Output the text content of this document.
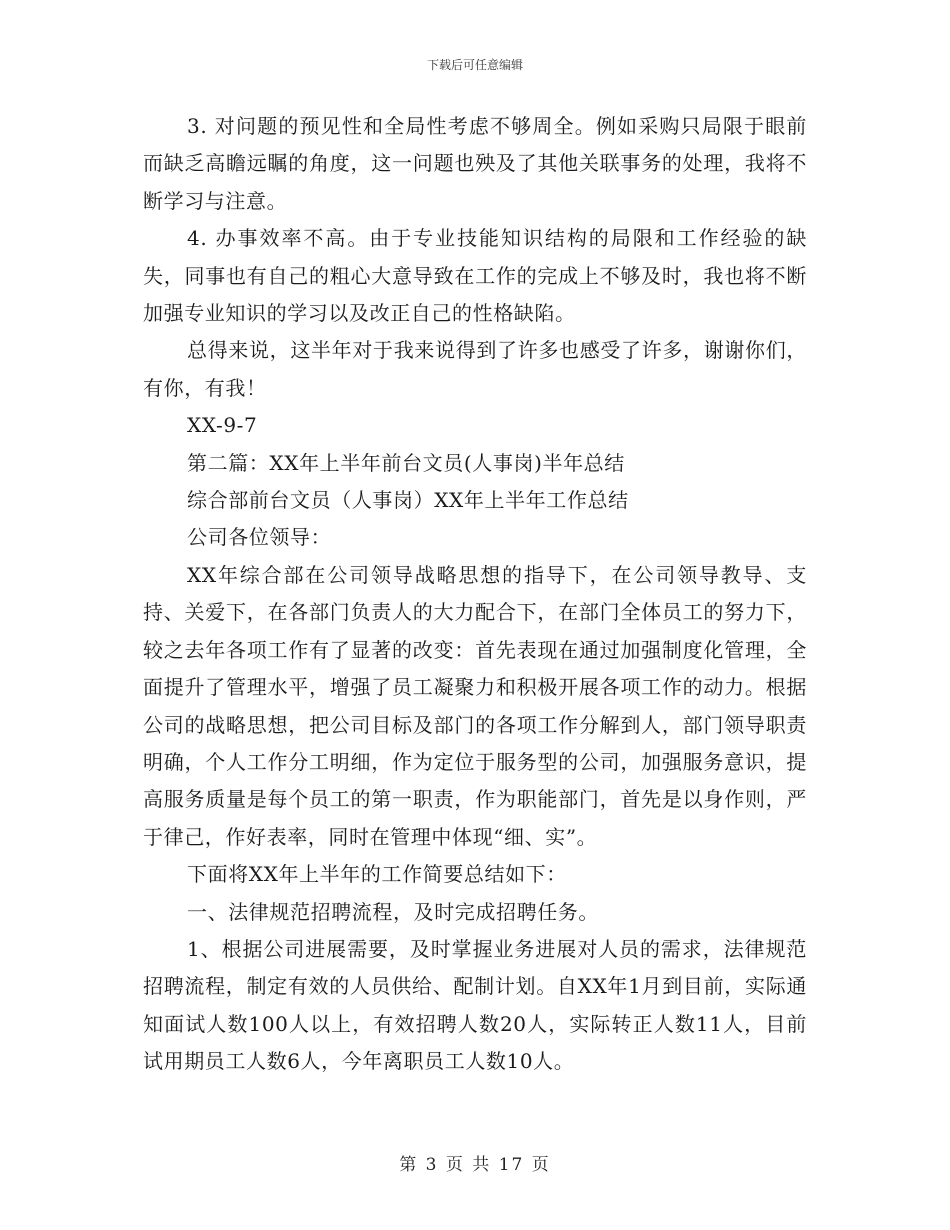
下载后可任意编辑

3. 对问题的预见性和全局性考虑不够周全。例如采购只局限于眼前而缺乏高瞻远瞩的角度，这一问题也殃及了其他关联事务的处理，我将不断学习与注意。

4. 办事效率不高。由于专业技能知识结构的局限和工作经验的缺失，同事也有自己的粗心大意导致在工作的完成上不够及时，我也将不断加强专业知识的学习以及改正自己的性格缺陷。

总得来说，这半年对于我来说得到了许多也感受了许多，谢谢你们，有你，有我！

XX-9-7

第二篇：XX年上半年前台文员(人事岗)半年总结

综合部前台文员（人事岗）XX年上半年工作总结

公司各位领导：

XX年综合部在公司领导战略思想的指导下，在公司领导教导、支持、关爱下，在各部门负责人的大力配合下，在部门全体员工的努力下，较之去年各项工作有了显著的改变：首先表现在通过加强制度化管理，全面提升了管理水平，增强了员工凝聚力和积极开展各项工作的动力。根据公司的战略思想，把公司目标及部门的各项工作分解到人，部门领导职责明确，个人工作分工明细，作为定位于服务型的公司，加强服务意识，提高服务质量是每个员工的第一职责，作为职能部门，首先是以身作则，严于律己，作好表率，同时在管理中体现“细、实”。

下面将XX年上半年的工作简要总结如下：

一、法律规范招聘流程，及时完成招聘任务。

1、根据公司进展需要，及时掌握业务进展对人员的需求，法律规范招聘流程，制定有效的人员供给、配制计划。自XX年1月到目前，实际通知面试人数100人以上，有效招聘人数20人，实际转正人数11人，目前试用期员工人数6人，今年离职员工人数10人。

第 3 页 共 17 页
